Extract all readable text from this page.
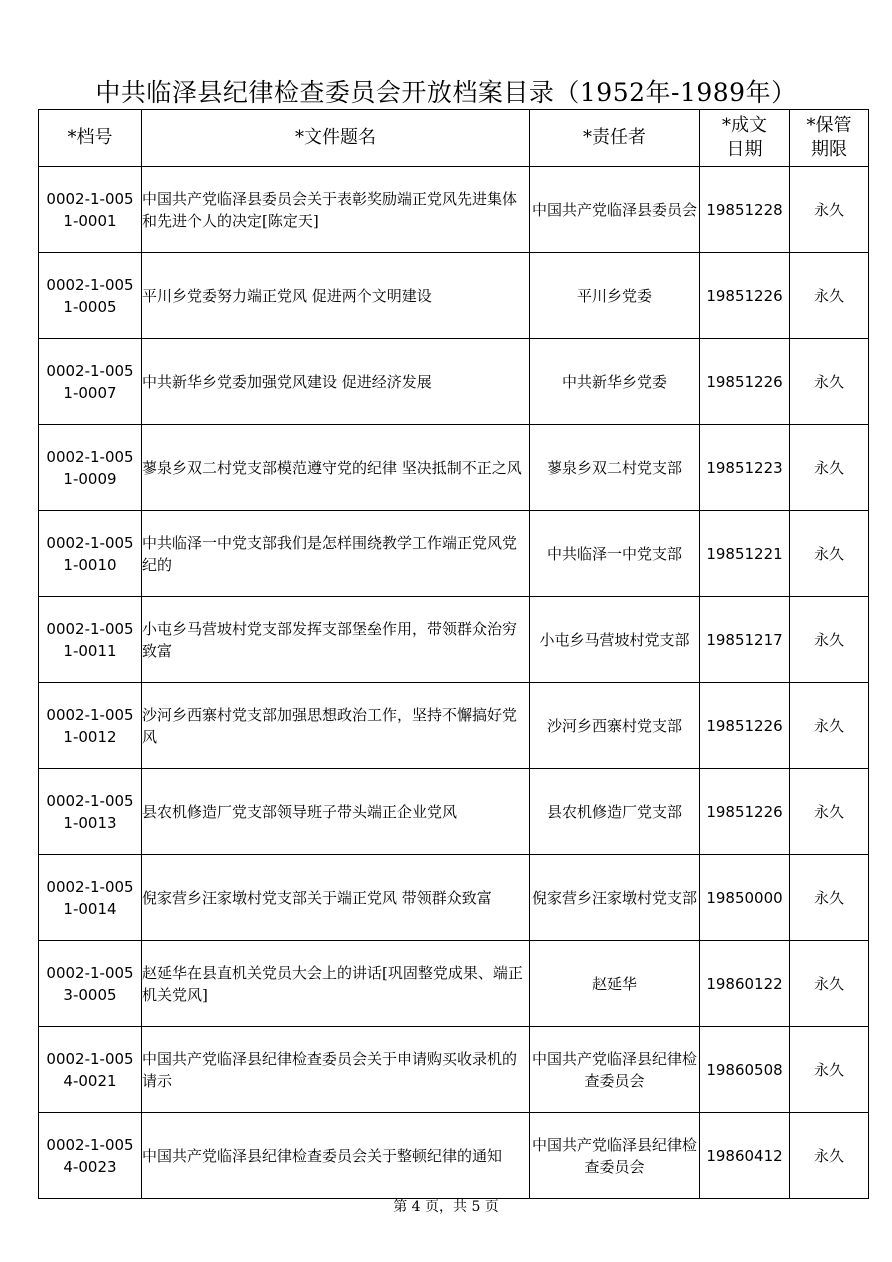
中共临泽县纪律检查委员会开放档案目录（1952年-1989年）
*档号	*文件题名	*责任者	*成文日期	*保管期限

0002-1-0051-0001	中国共产党临泽县委员会关于表彰奖励端正党风先进集体和先进个人的决定[陈定天]	中国共产党临泽县委员会	19851228	永久

0002-1-0051-0005	平川乡党委努力端正党风 促进两个文明建设	平川乡党委	19851226	永久

0002-1-0051-0007	中共新华乡党委加强党风建设 促进经济发展	中共新华乡党委	19851226	永久

0002-1-0051-0009	蓼泉乡双二村党支部模范遵守党的纪律 坚决抵制不正之风	蓼泉乡双二村党支部	19851223	永久

0002-1-0051-0010	中共临泽一中党支部我们是怎样围绕教学工作端正党风党纪的	中共临泽一中党支部	19851221	永久

0002-1-0051-0011	小屯乡马营坡村党支部发挥支部堡垒作用，带领群众治穷致富	小屯乡马营坡村党支部	19851217	永久

0002-1-0051-0012	沙河乡西寨村党支部加强思想政治工作，坚持不懈搞好党风	沙河乡西寨村党支部	19851226	永久

0002-1-0051-0013	县农机修造厂党支部领导班子带头端正企业党风	县农机修造厂党支部	19851226	永久

0002-1-0051-0014	倪家营乡汪家墩村党支部关于端正党风 带领群众致富	倪家营乡汪家墩村党支部	19850000	永久

0002-1-0053-0005	赵延华在县直机关党员大会上的讲话[巩固整党成果、端正机关党风]	赵延华	19860122	永久

0002-1-0054-0021	中国共产党临泽县纪律检查委员会关于申请购买收录机的请示	中国共产党临泽县纪律检查委员会	19860508	永久

0002-1-0054-0023	中国共产党临泽县纪律检查委员会关于整顿纪律的通知	中国共产党临泽县纪律检查委员会	19860412	永久
第 4 页，共 5 页
